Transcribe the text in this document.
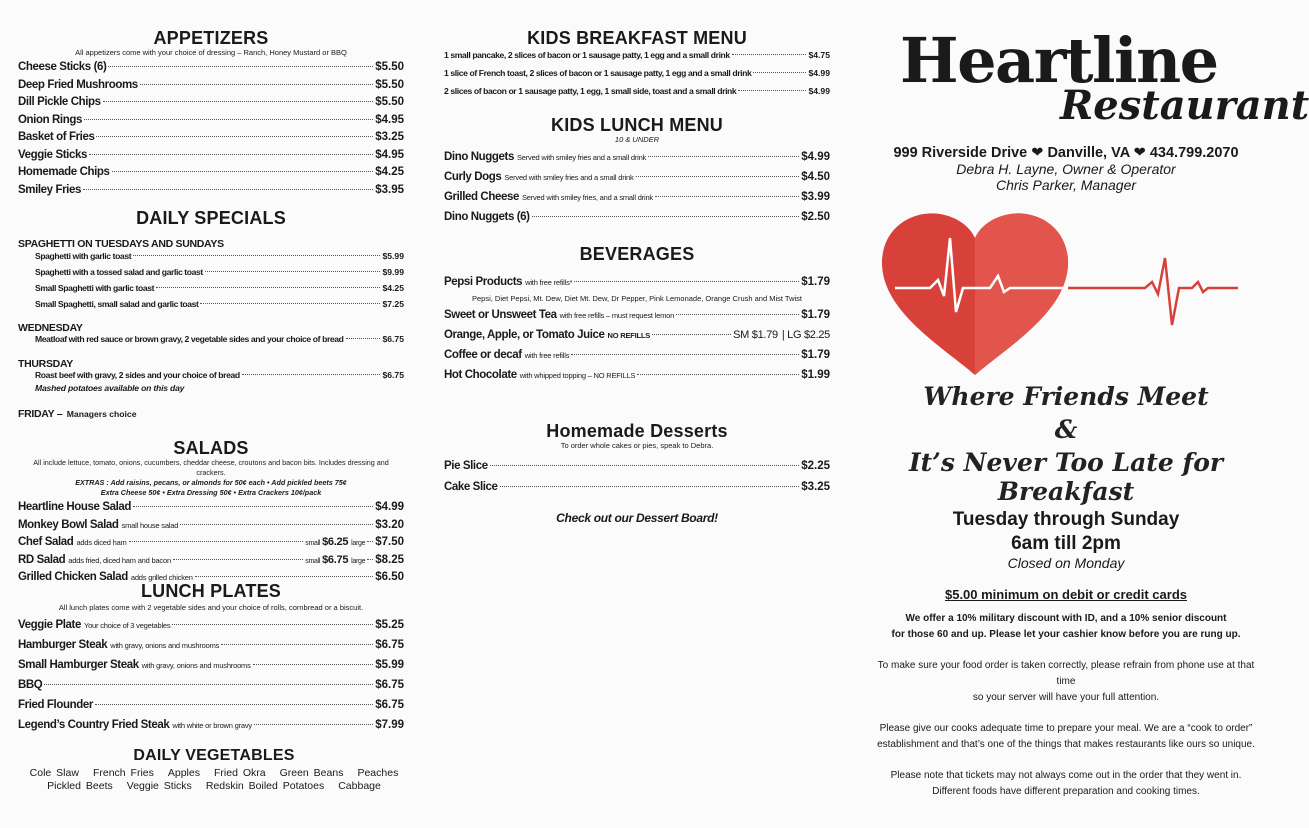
APPETIZERS
All appetizers come with your choice of dressing – Ranch, Honey Mustard or BBQ
Cheese Sticks (6)	$5.50
Deep Fried Mushrooms	$5.50
Dill Pickle Chips	$5.50
Onion Rings	$4.95
Basket of Fries	$3.25
Veggie Sticks	$4.95
Homemade Chips	$4.25
Smiley Fries	$3.95
DAILY SPECIALS
SPAGHETTI ON TUESDAYS AND SUNDAYS
Spaghetti with garlic toast	$5.99
Spaghetti with a tossed salad and garlic toast	$9.99
Small Spaghetti with garlic toast	$4.25
Small Spaghetti, small salad and garlic toast	$7.25
WEDNESDAY
Meatloaf with red sauce or brown gravy, 2 vegetable sides and your choice of bread	$6.75
THURSDAY
Roast beef with gravy, 2 sides and your choice of bread	$6.75
Mashed potatoes available on this day
FRIDAY – Managers choice
SALADS
All include lettuce, tomato, onions, cucumbers, cheddar cheese, croutons and bacon bits. Includes dressing and crackers.
EXTRAS : Add raisins, pecans, or almonds for 50¢ each • Add pickled beets 75¢
Extra Cheese 50¢ • Extra Dressing 50¢ • Extra Crackers 10¢/pack
Heartline House Salad	$4.99
Monkey Bowl Salad small house salad	$3.20
Chef Salad adds diced ham	small $6.25 large $7.50
RD Salad adds fried, diced ham and bacon	small $6.75 large $8.25
Grilled Chicken Salad adds grilled chicken	$6.50
LUNCH PLATES
All lunch plates come with 2 vegetable sides and your choice of rolls, cornbread or a biscuit.
Veggie Plate Your choice of 3 vegetables	$5.25
Hamburger Steak with gravy, onions and mushrooms	$6.75
Small Hamburger Steak with gravy, onions and mushrooms	$5.99
BBQ	$6.75
Fried Flounder	$6.75
Legend’s Country Fried Steak with white or brown gravy	$7.99
DAILY VEGETABLES
Cole Slaw French Fries Apples Fried Okra Green Beans Peaches
Pickled Beets Veggie Sticks Redskin Boiled Potatoes Cabbage
KIDS BREAKFAST MENU
1 small pancake, 2 slices of bacon or 1 sausage patty, 1 egg and a small drink	$4.75
1 slice of French toast, 2 slices of bacon or 1 sausage patty, 1 egg and a small drink	$4.99
2 slices of bacon or 1 sausage patty, 1 egg, 1 small side, toast and a small drink	$4.99
KIDS LUNCH MENU
10 & UNDER
Dino Nuggets Served with smiley fries and a small drink	$4.99
Curly Dogs Served with smiley fries and a small drink	$4.50
Grilled Cheese Served with smiley fries, and a small drink	$3.99
Dino Nuggets (6)	$2.50
BEVERAGES
Pepsi Products with free refills*	$1.79
Pepsi, Diet Pepsi, Mt. Dew, Diet Mt. Dew, Dr Pepper, Pink Lemonade, Orange Crush and Mist Twist
Sweet or Unsweet Tea with free refills – must request lemon	$1.79
Orange, Apple, or Tomato Juice NO REFILLS	SM $1.79 | LG $2.25
Coffee or decaf with free refills	$1.79
Hot Chocolate with whipped topping – NO REFILLS	$1.99
Homemade Desserts
To order whole cakes or pies, speak to Debra.
Pie Slice	$2.25
Cake Slice	$3.25
Check out our Dessert Board!
Heartline
Restaurant
999 Riverside Drive ❤ Danville, VA ❤ 434.799.2070
Debra H. Layne, Owner & Operator
Chris Parker, Manager
Where Friends Meet
&
It’s Never Too Late for Breakfast
Tuesday through Sunday
6am till 2pm
Closed on Monday
$5.00 minimum on debit or credit cards
We offer a 10% military discount with ID, and a 10% senior discount
for those 60 and up. Please let your cashier know before you are rung up.
To make sure your food order is taken correctly, please refrain from phone use at that time
so your server will have your full attention.
Please give our cooks adequate time to prepare your meal. We are a “cook to order”
establishment and that’s one of the things that makes restaurants like ours so unique.
Please note that tickets may not always come out in the order that they went in.
Different foods have different preparation and cooking times.
